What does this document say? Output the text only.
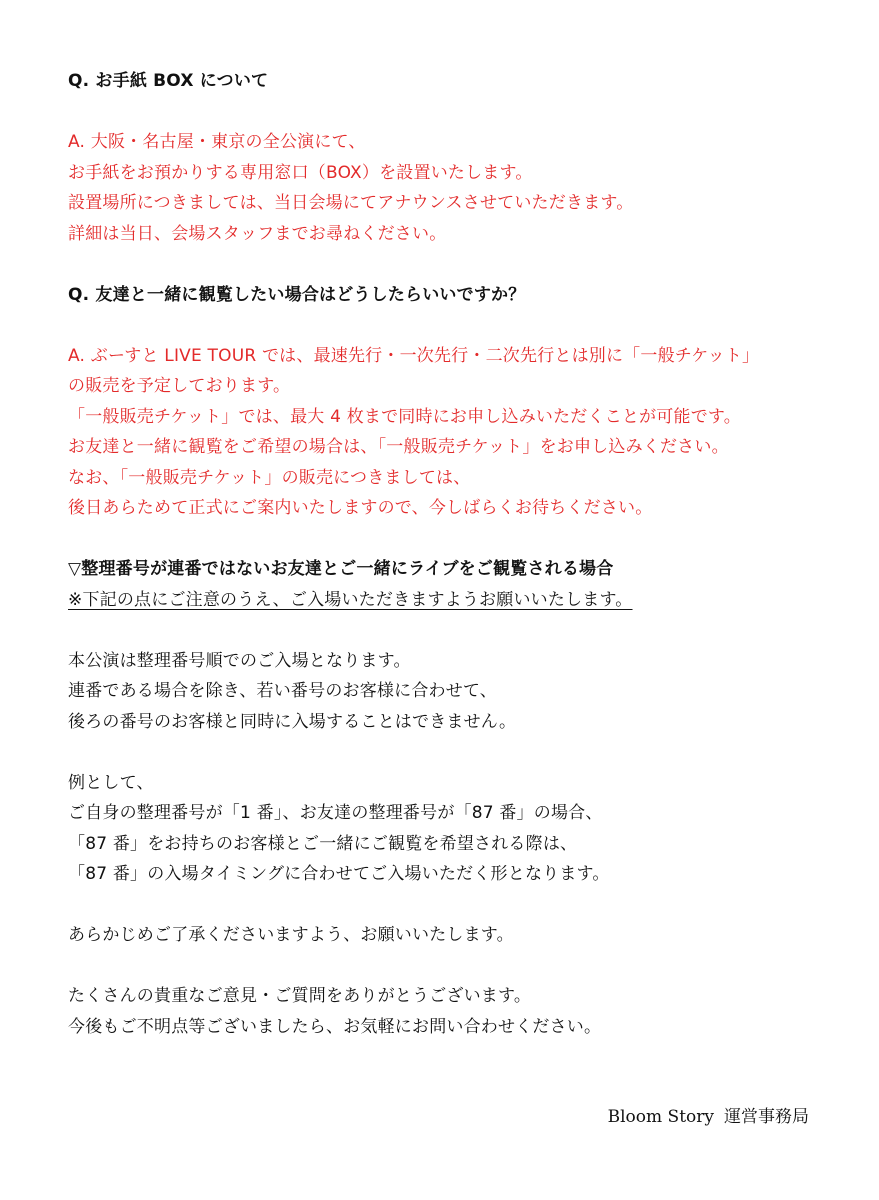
Q. お手紙 BOX について
A. 大阪・名古屋・東京の全公演にて、
お手紙をお預かりする専用窓口（BOX）を設置いたします。
設置場所につきましては、当日会場にてアナウンスさせていただきます。
詳細は当日、会場スタッフまでお尋ねください。
Q. 友達と一緒に観覧したい場合はどうしたらいいですか？
A. ぶーすと LIVE TOUR では、最速先行・一次先行・二次先行とは別に「一般チケット」
の販売を予定しております。
「一般販売チケット」では、最大 4 枚まで同時にお申し込みいただくことが可能です。
お友達と一緒に観覧をご希望の場合は、「一般販売チケット」をお申し込みください。
なお、「一般販売チケット」の販売につきましては、
後日あらためて正式にご案内いたしますので、今しばらくお待ちください。
▽整理番号が連番ではないお友達とご一緒にライブをご観覧される場合
※下記の点にご注意のうえ、ご入場いただきますようお願いいたします。
本公演は整理番号順でのご入場となります。
連番である場合を除き、若い番号のお客様に合わせて、
後ろの番号のお客様と同時に入場することはできません。
例として、
ご自身の整理番号が「1 番」、お友達の整理番号が「87 番」の場合、
「87 番」をお持ちのお客様とご一緒にご観覧を希望される際は、
「87 番」の入場タイミングに合わせてご入場いただく形となります。
あらかじめご了承くださいますよう、お願いいたします。
たくさんの貴重なご意見・ご質問をありがとうございます。
今後もご不明点等ございましたら、お気軽にお問い合わせください。
Bloom Story 運営事務局
